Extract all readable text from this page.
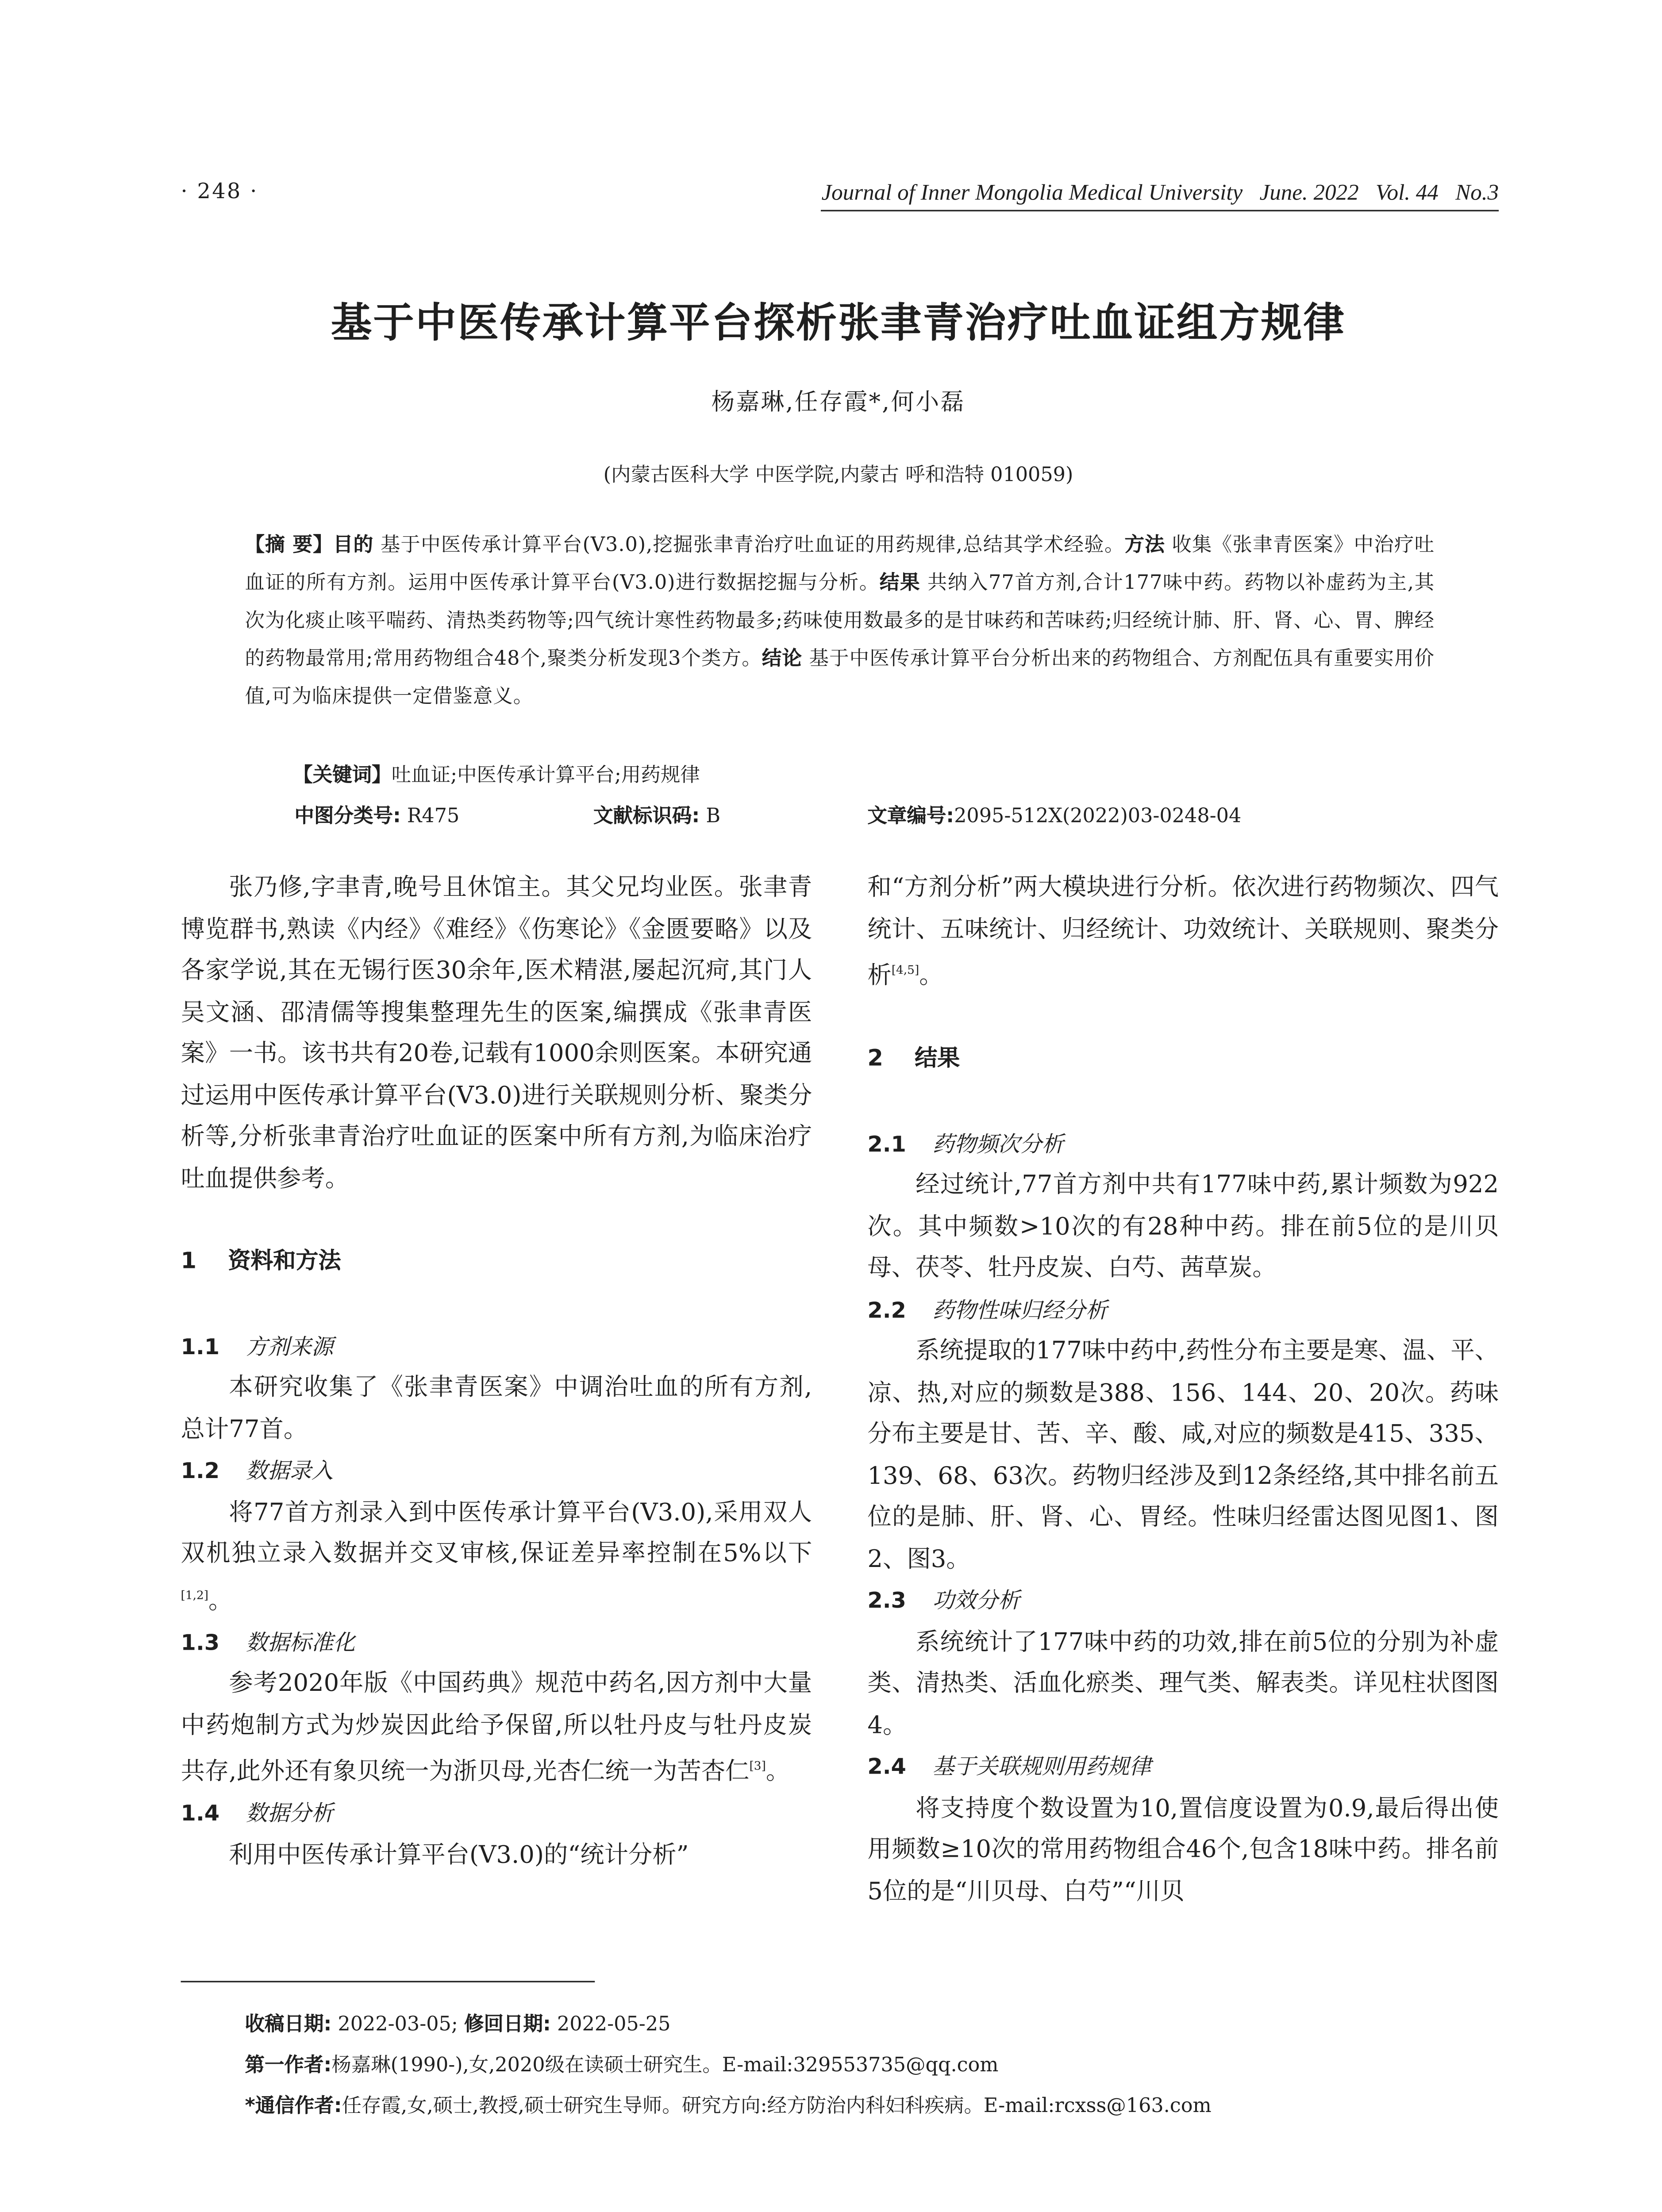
· 248 ·	Journal of Inner Mongolia Medical University June. 2022 Vol. 44 No.3
基于中医传承计算平台探析张聿青治疗吐血证组方规律
杨嘉琳,任存霞*,何小磊
(内蒙古医科大学 中医学院,内蒙古 呼和浩特 010059)
【摘 要】目的 基于中医传承计算平台(V3.0),挖掘张聿青治疗吐血证的用药规律,总结其学术经验。方法 收集《张聿青医案》中治疗吐血证的所有方剂。运用中医传承计算平台(V3.0)进行数据挖掘与分析。结果 共纳入77首方剂,合计177味中药。药物以补虚药为主,其次为化痰止咳平喘药、清热类药物等;四气统计寒性药物最多;药味使用数最多的是甘味药和苦味药;归经统计肺、肝、肾、心、胃、脾经的药物最常用;常用药物组合48个,聚类分析发现3个类方。结论 基于中医传承计算平台分析出来的药物组合、方剂配伍具有重要实用价值,可为临床提供一定借鉴意义。
【关键词】吐血证;中医传承计算平台;用药规律
中图分类号: R475	文献标识码: B	文章编号:2095-512X(2022)03-0248-04

张乃修,字聿青,晚号且休馆主。其父兄均业医。张聿青博览群书,熟读《内经》《难经》《伤寒论》《金匮要略》以及各家学说,其在无锡行医30余年,医术精湛,屡起沉疴,其门人吴文涵、邵清儒等搜集整理先生的医案,编撰成《张聿青医案》一书。该书共有20卷,记载有1000余则医案。本研究通过运用中医传承计算平台(V3.0)进行关联规则分析、聚类分析等,分析张聿青治疗吐血证的医案中所有方剂,为临床治疗吐血提供参考。

1	资料和方法

1.1	方剂来源

本研究收集了《张聿青医案》中调治吐血的所有方剂,总计77首。

1.2	数据录入

将77首方剂录入到中医传承计算平台(V3.0),采用双人双机独立录入数据并交叉审核,保证差异率控制在5%以下[1,2]。

1.3	数据标准化

参考2020年版《中国药典》规范中药名,因方剂中大量中药炮制方式为炒炭因此给予保留,所以牡丹皮与牡丹皮炭共存,此外还有象贝统一为浙贝母,光杏仁统一为苦杏仁[3]。

1.4	数据分析

利用中医传承计算平台(V3.0)的“统计分析”

和“方剂分析”两大模块进行分析。依次进行药物频次、四气统计、五味统计、归经统计、功效统计、关联规则、聚类分析[4,5]。

2	结果

2.1	药物频次分析

经过统计,77首方剂中共有177味中药,累计频数为922次。其中频数>10次的有28种中药。排在前5位的是川贝母、茯苓、牡丹皮炭、白芍、茜草炭。

2.2	药物性味归经分析

系统提取的177味中药中,药性分布主要是寒、温、平、凉、热,对应的频数是388、156、144、20、20次。药味分布主要是甘、苦、辛、酸、咸,对应的频数是415、335、139、68、63次。药物归经涉及到12条经络,其中排名前五位的是肺、肝、肾、心、胃经。性味归经雷达图见图1、图2、图3。

2.3	功效分析

系统统计了177味中药的功效,排在前5位的分别为补虚类、清热类、活血化瘀类、理气类、解表类。详见柱状图图4。

2.4	基于关联规则用药规律

将支持度个数设置为10,置信度设置为0.9,最后得出使用频数≥10次的常用药物组合46个,包含18味中药。排名前5位的是“川贝母、白芍”“川贝

收稿日期: 2022-03-05; 修回日期: 2022-05-25
第一作者:杨嘉琳(1990-),女,2020级在读硕士研究生。E-mail:329553735@qq.com
*通信作者:任存霞,女,硕士,教授,硕士研究生导师。研究方向:经方防治内科妇科疾病。E-mail:rcxss@163.com
